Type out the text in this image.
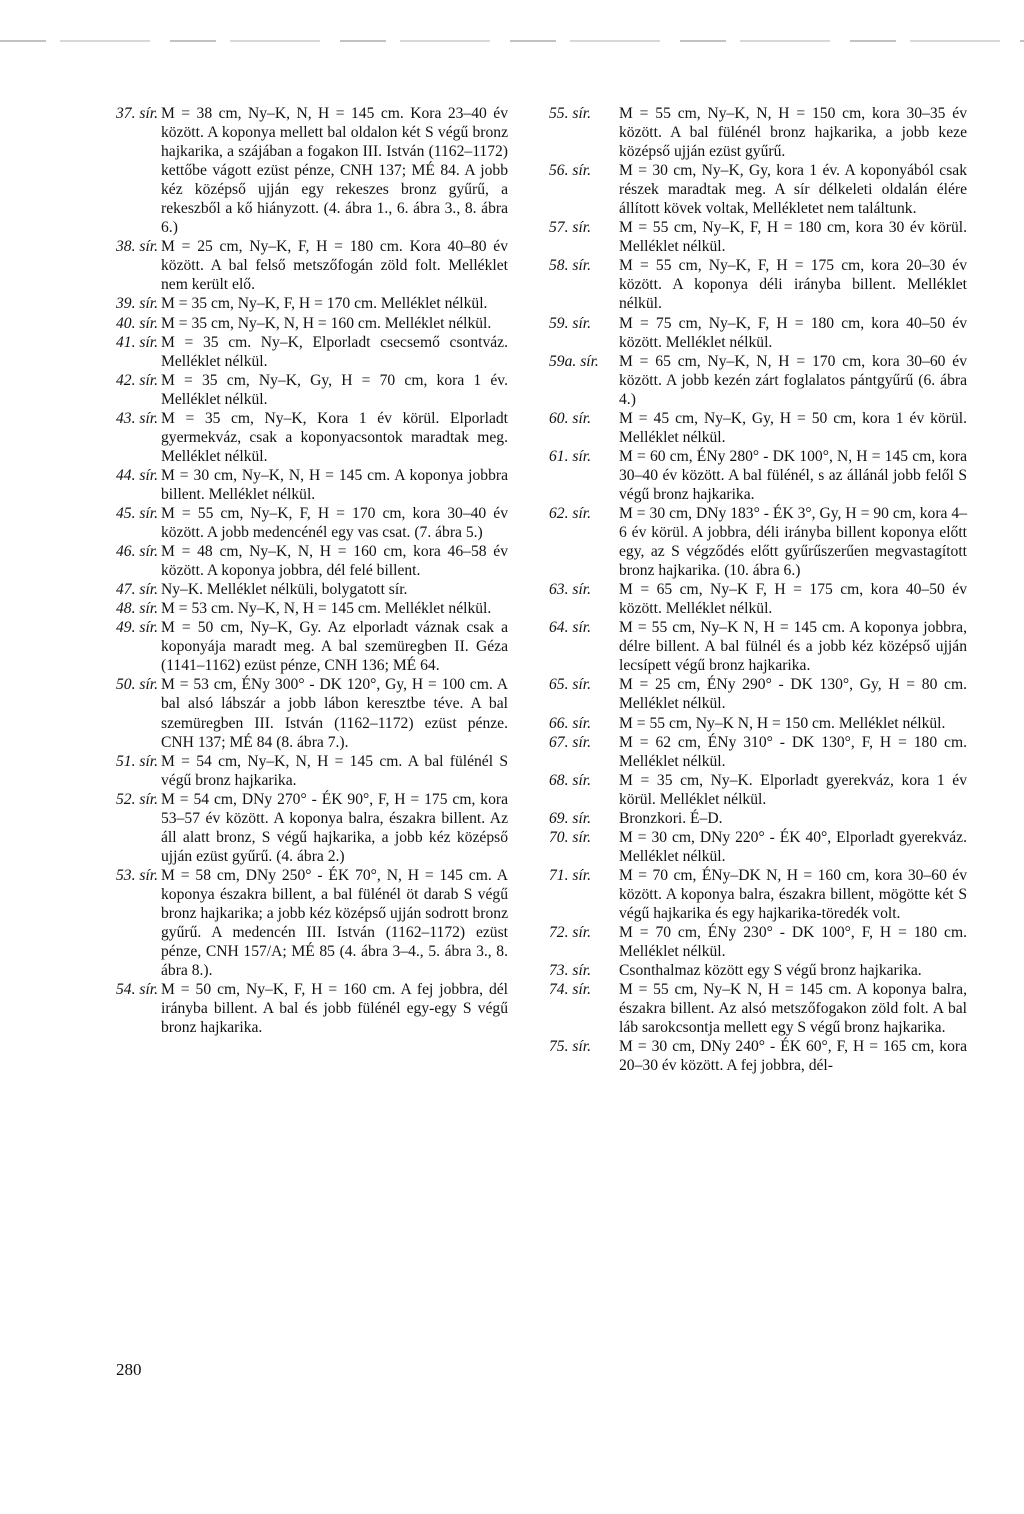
37. sír. M = 38 cm, Ny–K, N, H = 145 cm. Kora 23–40 év között. A koponya mellett bal oldalon két S végű bronz hajkarika, a szájában a fogakon III. István (1162–1172) kettőbe vágott ezüst pénze, CNH 137; MÉ 84. A jobb kéz középső ujján egy rekeszes bronz gyűrű, a rekeszből a kő hiányzott. (4. ábra 1., 6. ábra 3., 8. ábra 6.)
38. sír. M = 25 cm, Ny–K, F, H = 180 cm. Kora 40–80 év között. A bal felső metszőfogán zöld folt. Melléklet nem került elő.
39. sír. M = 35 cm, Ny–K, F, H = 170 cm. Melléklet nélkül.
40. sír. M = 35 cm, Ny–K, N, H = 160 cm. Melléklet nélkül.
41. sír. M = 35 cm. Ny–K, Elporladt csecsemő csontváz. Melléklet nélkül.
42. sír. M = 35 cm, Ny–K, Gy, H = 70 cm, kora 1 év. Melléklet nélkül.
43. sír. M = 35 cm, Ny–K, Kora 1 év körül. Elporladt gyermekváz, csak a koponyacsontok maradtak meg. Melléklet nélkül.
44. sír. M = 30 cm, Ny–K, N, H = 145 cm. A koponya jobbra billent. Melléklet nélkül.
45. sír. M = 55 cm, Ny–K, F, H = 170 cm, kora 30–40 év között. A jobb medencénél egy vas csat. (7. ábra 5.)
46. sír. M = 48 cm, Ny–K, N, H = 160 cm, kora 46–58 év között. A koponya jobbra, dél felé billent.
47. sír. Ny–K. Melléklet nélküli, bolygatott sír.
48. sír. M = 53 cm. Ny–K, N, H = 145 cm. Melléklet nélkül.
49. sír. M = 50 cm, Ny–K, Gy. Az elporladt váznak csak a koponyája maradt meg. A bal szemüregben II. Géza (1141–1162) ezüst pénze, CNH 136; MÉ 64.
50. sír. M = 53 cm, ÉNy 300° - DK 120°, Gy, H = 100 cm. A bal alsó lábszár a jobb lábon keresztbe téve. A bal szemüregben III. István (1162–1172) ezüst pénze. CNH 137; MÉ 84 (8. ábra 7.).
51. sír. M = 54 cm, Ny–K, N, H = 145 cm. A bal fülénél S végű bronz hajkarika.
52. sír. M = 54 cm, DNy 270° - ÉK 90°, F, H = 175 cm, kora 53–57 év között. A koponya balra, északra billent. Az áll alatt bronz, S végű hajkarika, a jobb kéz középső ujján ezüst gyűrű. (4. ábra 2.)
53. sír. M = 58 cm, DNy 250° - ÉK 70°, N, H = 145 cm. A koponya északra billent, a bal fülénél öt darab S végű bronz hajkarika; a jobb kéz középső ujján sodrott bronz gyűrű. A medencén III. István (1162–1172) ezüst pénze, CNH 157/A; MÉ 85 (4. ábra 3–4., 5. ábra 3., 8. ábra 8.).
54. sír. M = 50 cm, Ny–K, F, H = 160 cm. A fej jobbra, dél irányba billent. A bal és jobb fülénél egy-egy S végű bronz hajkarika.
55. sír. M = 55 cm, Ny–K, N, H = 150 cm, kora 30–35 év között. A bal fülénél bronz hajkarika, a jobb keze középső ujján ezüst gyűrű.
56. sír. M = 30 cm, Ny–K, Gy, kora 1 év. A koponyából csak részek maradtak meg. A sír délkeleti oldalán élére állított kövek voltak, Mellékletet nem találtunk.
57. sír. M = 55 cm, Ny–K, F, H = 180 cm, kora 30 év körül. Melléklet nélkül.
58. sír. M = 55 cm, Ny–K, F, H = 175 cm, kora 20–30 év között. A koponya déli irányba billent. Melléklet nélkül.
59. sír. M = 75 cm, Ny–K, F, H = 180 cm, kora 40–50 év között. Melléklet nélkül.
59a. sír. M = 65 cm, Ny–K, N, H = 170 cm, kora 30–60 év között. A jobb kezén zárt foglalatos pántgyűrű (6. ábra 4.)
60. sír. M = 45 cm, Ny–K, Gy, H = 50 cm, kora 1 év körül. Melléklet nélkül.
61. sír. M = 60 cm, ÉNy 280° - DK 100°, N, H = 145 cm, kora 30–40 év között. A bal fülénél, s az állánál jobb felől S végű bronz hajkarika.
62. sír. M = 30 cm, DNy 183° - ÉK 3°, Gy, H = 90 cm, kora 4–6 év körül. A jobbra, déli irányba billent koponya előtt egy, az S végződés előtt gyűrűszerűen megvastagított bronz hajkarika. (10. ábra 6.)
63. sír. M = 65 cm, Ny–K F, H = 175 cm, kora 40–50 év között. Melléklet nélkül.
64. sír. M = 55 cm, Ny–K N, H = 145 cm. A koponya jobbra, délre billent. A bal fülnél és a jobb kéz középső ujján lecsípett végű bronz hajkarika.
65. sír. M = 25 cm, ÉNy 290° - DK 130°, Gy, H = 80 cm. Melléklet nélkül.
66. sír. M = 55 cm, Ny–K N, H = 150 cm. Melléklet nélkül.
67. sír. M = 62 cm, ÉNy 310° - DK 130°, F, H = 180 cm. Melléklet nélkül.
68. sír. M = 35 cm, Ny–K. Elporladt gyerekváz, kora 1 év körül. Melléklet nélkül.
69. sír. Bronzkori. É–D.
70. sír. M = 30 cm, DNy 220° - ÉK 40°, Elporladt gyerekváz. Melléklet nélkül.
71. sír. M = 70 cm, ÉNy–DK N, H = 160 cm, kora 30–60 év között. A koponya balra, északra billent, mögötte két S végű hajkarika és egy hajkarika-töredék volt.
72. sír. M = 70 cm, ÉNy 230° - DK 100°, F, H = 180 cm. Melléklet nélkül.
73. sír. Csonthalmaz között egy S végű bronz hajkarika.
74. sír. M = 55 cm, Ny–K N, H = 145 cm. A koponya balra, északra billent. Az alsó metszőfogakon zöld folt. A bal láb sarokcsontja mellett egy S végű bronz hajkarika.
75. sír. M = 30 cm, DNy 240° - ÉK 60°, F, H = 165 cm, kora 20–30 év között. A fej jobbra, dél-
280
